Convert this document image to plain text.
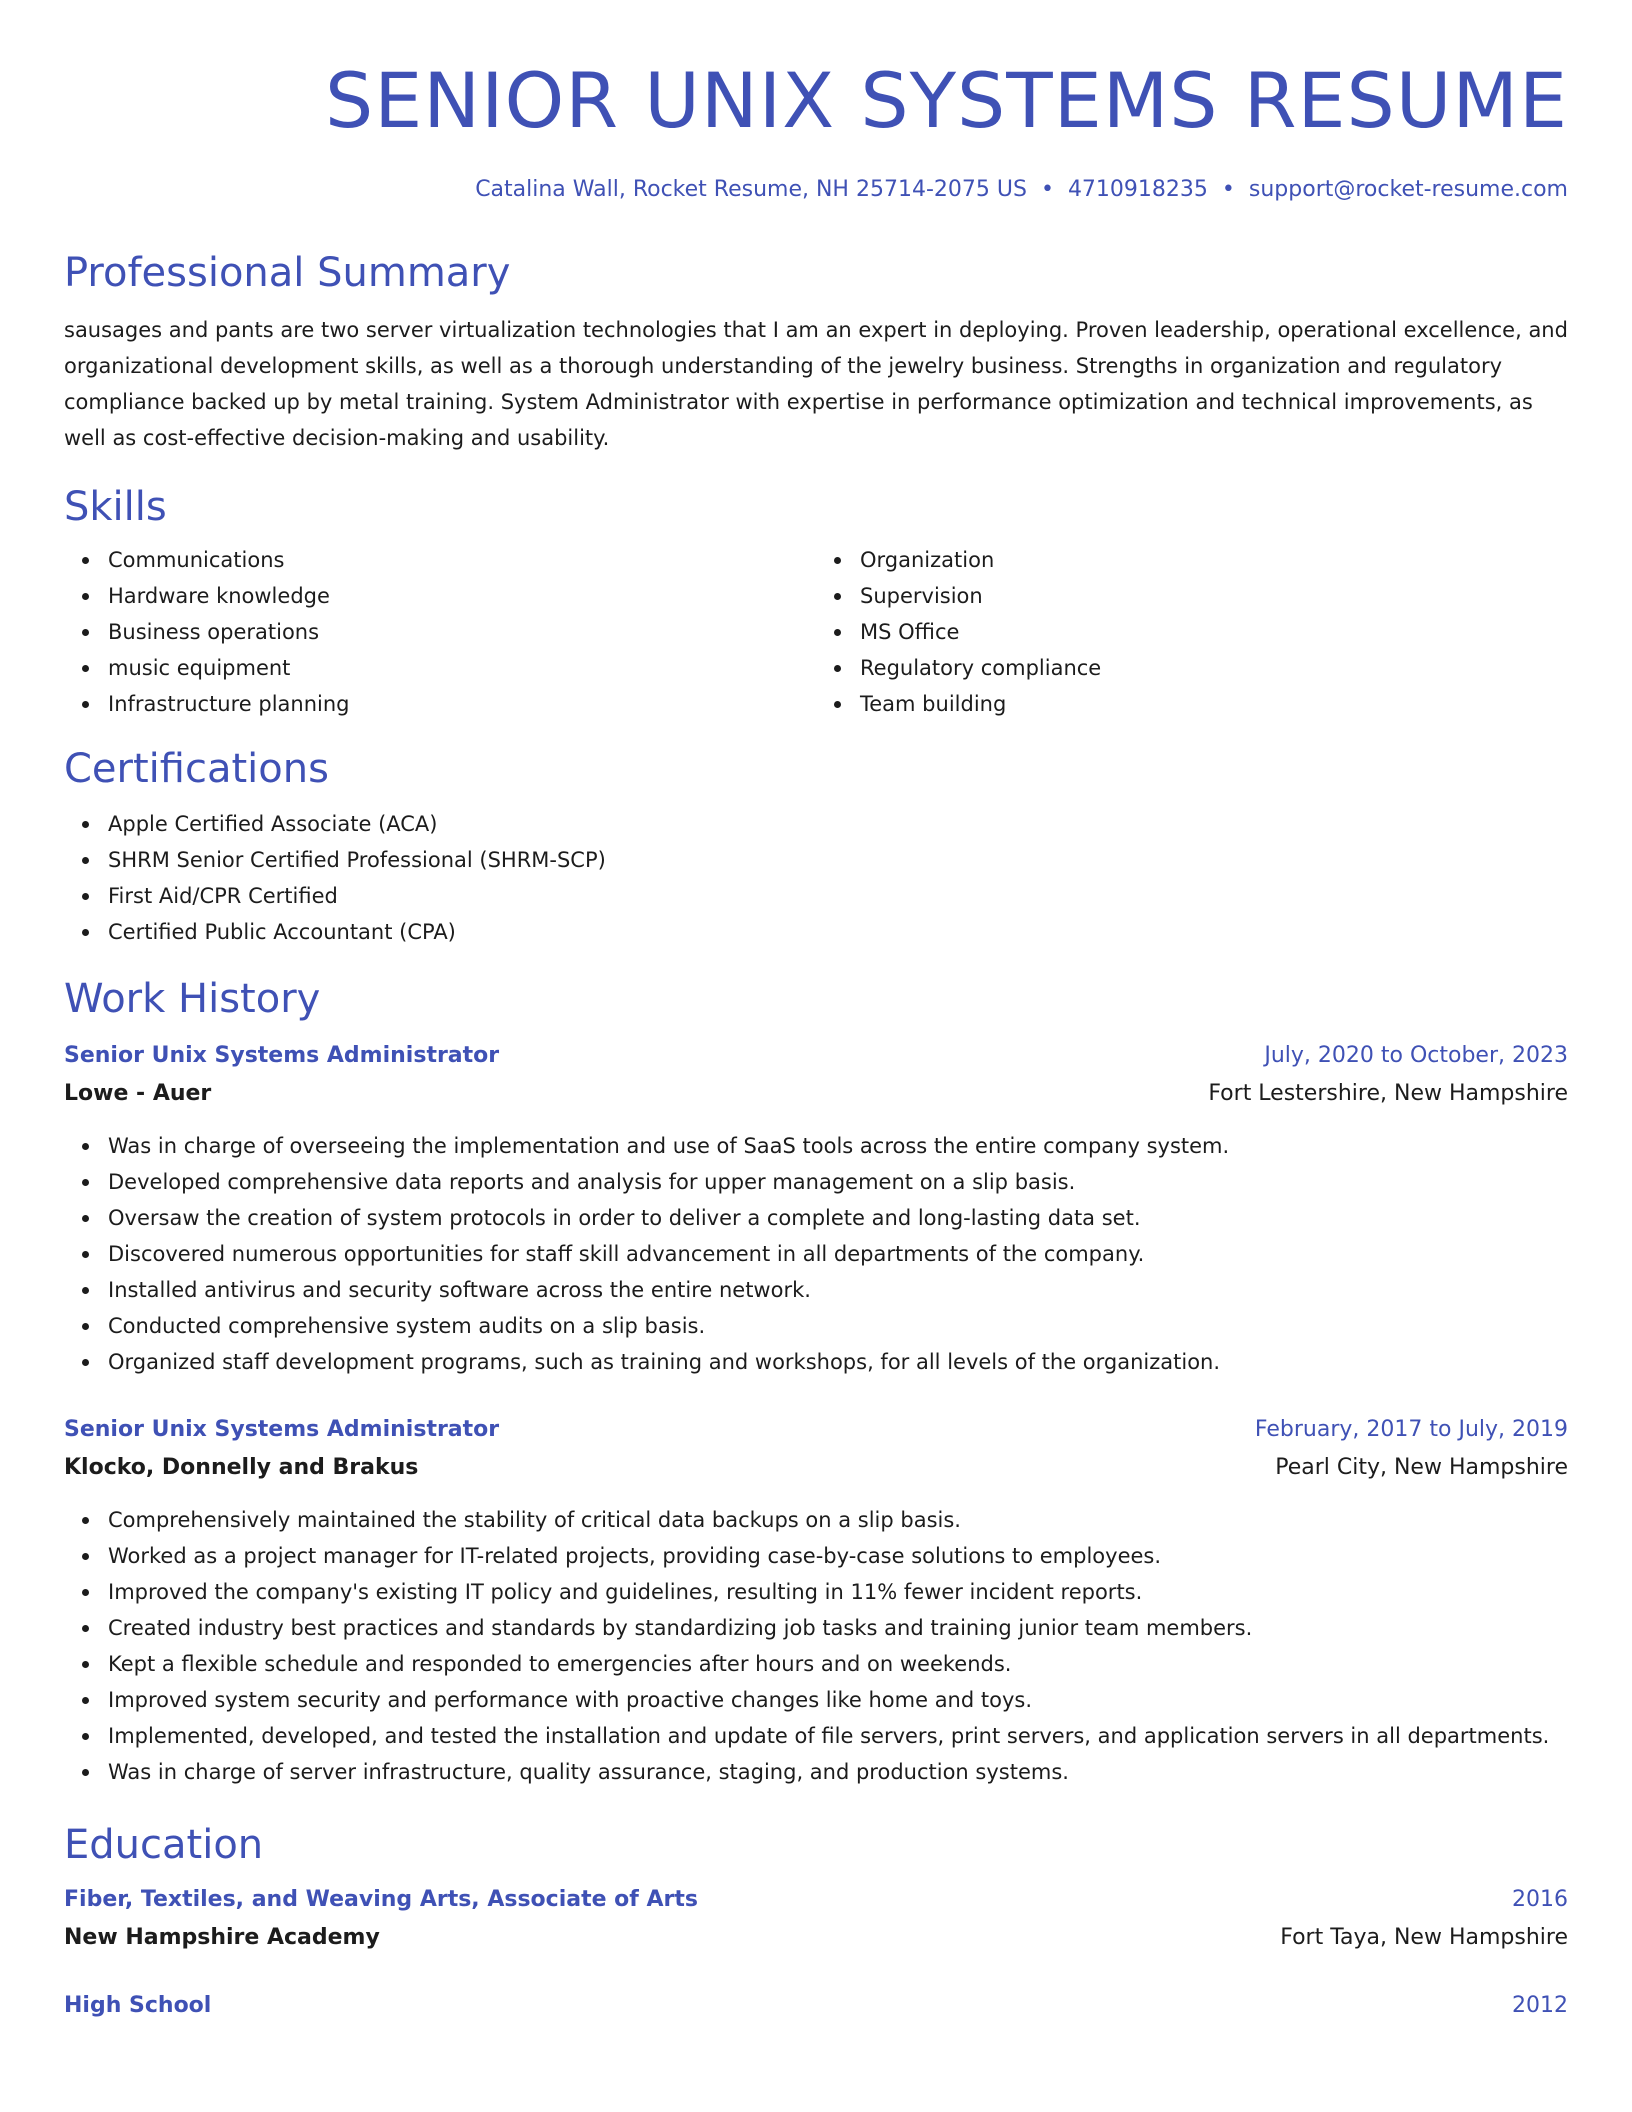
SENIOR UNIX SYSTEMS RESUME
Catalina Wall, Rocket Resume, NH 25714-2075 US • 4710918235 • support@rocket-resume.com
Professional Summary
sausages and pants are two server virtualization technologies that I am an expert in deploying. Proven leadership, operational excellence, and organizational development skills, as well as a thorough understanding of the jewelry business. Strengths in organization and regulatory compliance backed up by metal training. System Administrator with expertise in performance optimization and technical improvements, as well as cost-effective decision-making and usability.
Skills
Communications
Hardware knowledge
Business operations
music equipment
Infrastructure planning
Organization
Supervision
MS Office
Regulatory compliance
Team building
Certifications
Apple Certified Associate (ACA)
SHRM Senior Certified Professional (SHRM-SCP)
First Aid/CPR Certified
Certified Public Accountant (CPA)
Work History
Senior Unix Systems Administrator	July, 2020 to October, 2023
Lowe - Auer	Fort Lestershire, New Hampshire
Was in charge of overseeing the implementation and use of SaaS tools across the entire company system.
Developed comprehensive data reports and analysis for upper management on a slip basis.
Oversaw the creation of system protocols in order to deliver a complete and long-lasting data set.
Discovered numerous opportunities for staff skill advancement in all departments of the company.
Installed antivirus and security software across the entire network.
Conducted comprehensive system audits on a slip basis.
Organized staff development programs, such as training and workshops, for all levels of the organization.
Senior Unix Systems Administrator	February, 2017 to July, 2019
Klocko, Donnelly and Brakus	Pearl City, New Hampshire
Comprehensively maintained the stability of critical data backups on a slip basis.
Worked as a project manager for IT-related projects, providing case-by-case solutions to employees.
Improved the company's existing IT policy and guidelines, resulting in 11% fewer incident reports.
Created industry best practices and standards by standardizing job tasks and training junior team members.
Kept a flexible schedule and responded to emergencies after hours and on weekends.
Improved system security and performance with proactive changes like home and toys.
Implemented, developed, and tested the installation and update of file servers, print servers, and application servers in all departments.
Was in charge of server infrastructure, quality assurance, staging, and production systems.
Education
Fiber, Textiles, and Weaving Arts, Associate of Arts	2016
New Hampshire Academy	Fort Taya, New Hampshire
High School	2012
